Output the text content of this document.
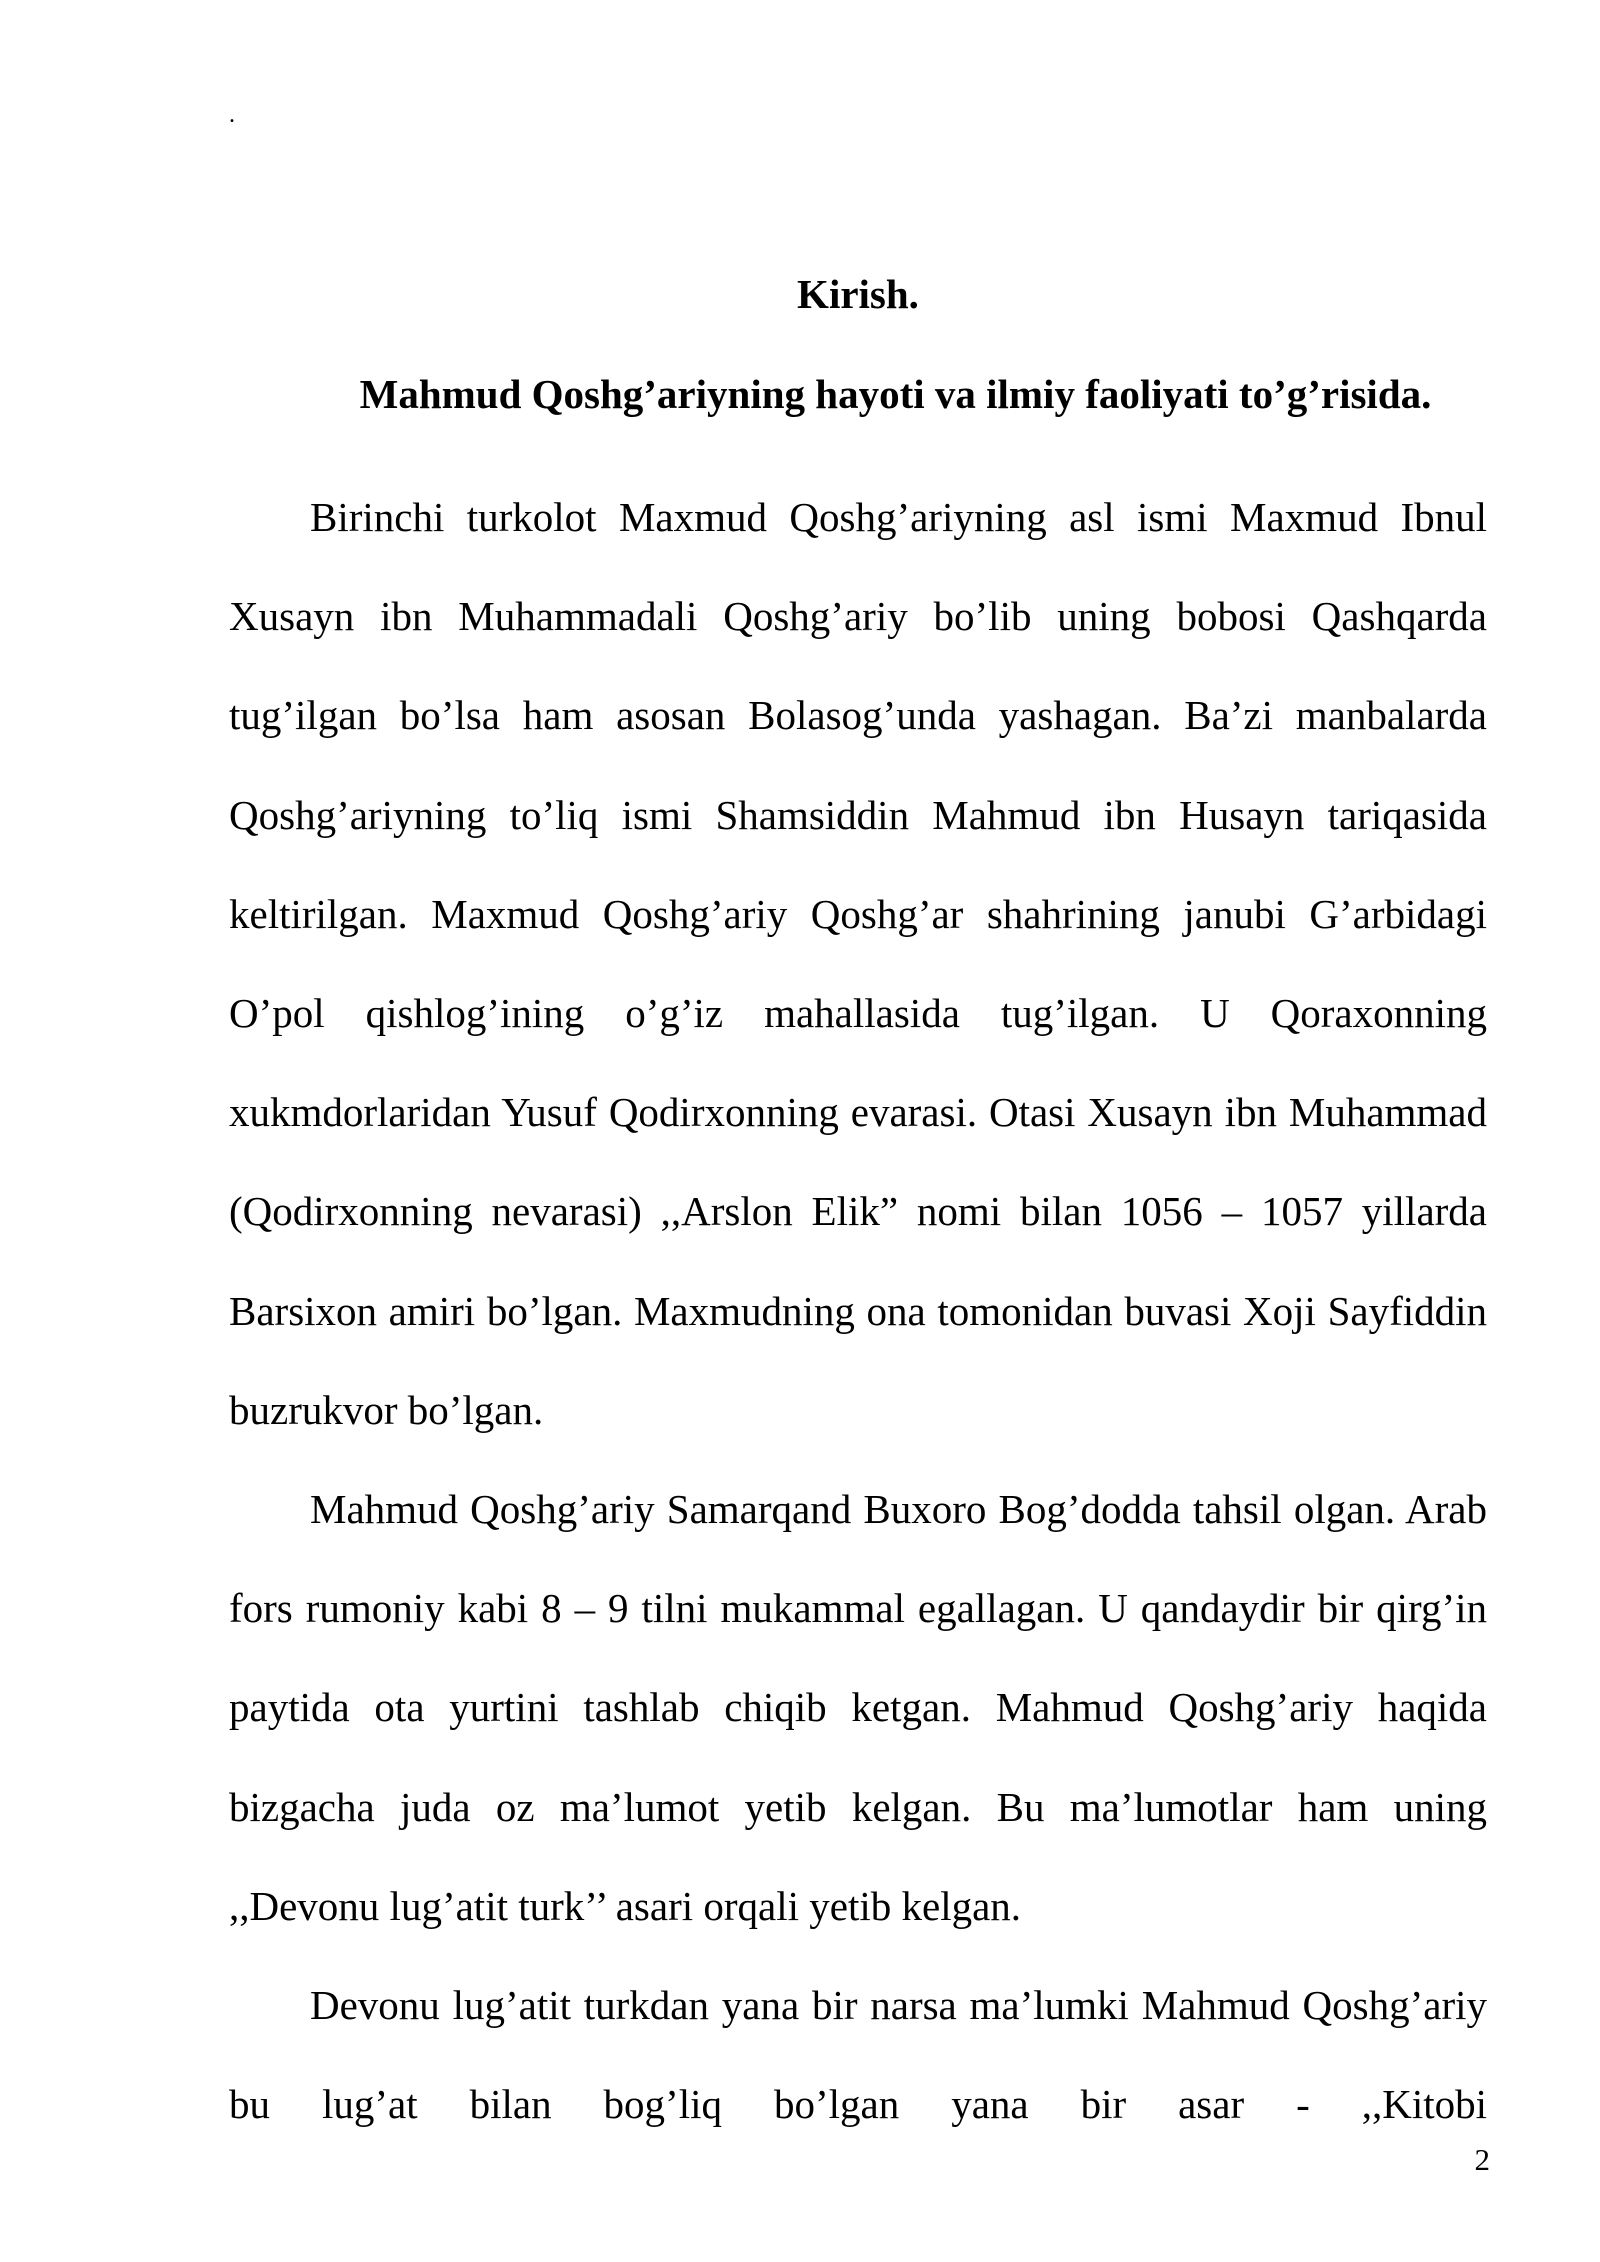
.
Kirish.
Mahmud Qoshg’ariyning hayoti va ilmiy faoliyati to’g’risida.

Birinchi turkolot Maxmud Qoshg’ariyning asl ismi Maxmud Ibnul Xusayn ibn Muhammadali Qoshg’ariy bo’lib uning bobosi Qashqarda tug’ilgan bo’lsa ham asosan Bolasog’unda yashagan. Ba’zi manbalarda Qoshg’ariyning to’liq ismi Shamsiddin Mahmud ibn Husayn tariqasida keltirilgan. Maxmud Qoshg’ariy Qoshg’ar shahrining janubi G’arbidagi O’pol qishlog’ining o’g’iz mahallasida tug’ilgan. U Qoraxonning xukmdorlaridan Yusuf Qodirxonning evarasi. Otasi Xusayn ibn Muhammad (Qodirxonning nevarasi) ,,Arslon Elik” nomi bilan 1056 – 1057 yillarda Barsixon amiri bo’lgan. Maxmudning ona tomonidan buvasi Xoji Sayfiddin buzrukvor bo’lgan.

Mahmud Qoshg’ariy Samarqand Buxoro Bog’dodda tahsil olgan. Arab fors rumoniy kabi 8 – 9 tilni mukammal egallagan. U qandaydir bir qirg’in paytida ota yurtini tashlab chiqib ketgan. Mahmud Qoshg’ariy haqida bizgacha juda oz ma’lumot yetib kelgan. Bu ma’lumotlar ham uning ,,Devonu lug’atit turk’’ asari orqali yetib kelgan.

Devonu lug’atit turkdan yana bir narsa ma’lumki Mahmud Qoshg’ariy bu lug’at bilan bog’liq bo’lgan yana bir asar - ,,Kitobi

2
